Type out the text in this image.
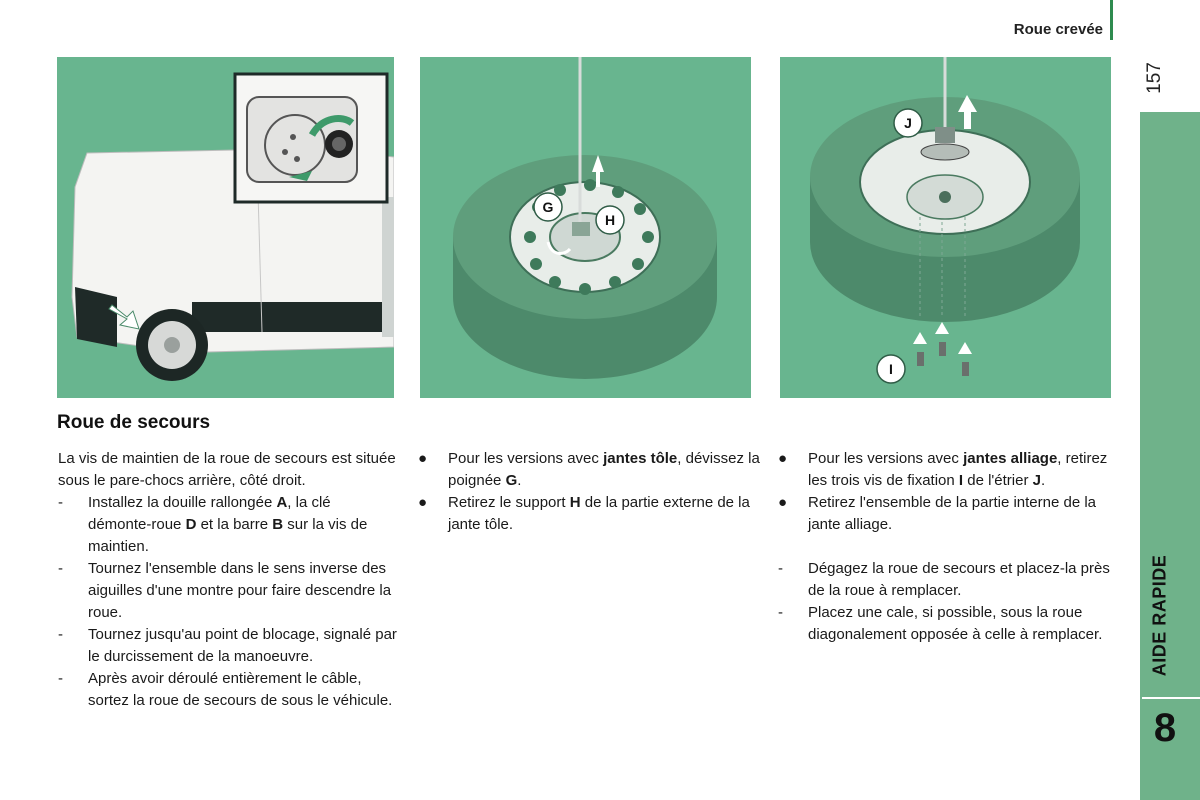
Roue crevée
157
AIDE RAPIDE
8
G
H
J
I
Roue de secours

La vis de maintien de la roue de secours est située sous le pare-chocs arrière, côté droit.

-	Installez la douille rallongée A, la clé démonte-roue D et la barre B sur la vis de maintien.
-	Tournez l'ensemble dans le sens inverse des aiguilles d'une montre pour faire descendre la roue.
-	Tournez jusqu'au point de blocage, signalé par le durcissement de la manoeuvre.
-	Après avoir déroulé entièrement le câble, sortez la roue de secours de sous le véhicule.
●	Pour les versions avec jantes tôle, dévissez la poignée G.
●	Retirez le support H de la partie externe de la jante tôle.
●	Pour les versions avec jantes alliage, retirez les trois vis de fixation I de l'étrier J.
●	Retirez l'ensemble de la partie interne de la jante alliage.
-	Dégagez la roue de secours et placez-la près de la roue à remplacer.
-	Placez une cale, si possible, sous la roue diagonalement opposée à celle à remplacer.
